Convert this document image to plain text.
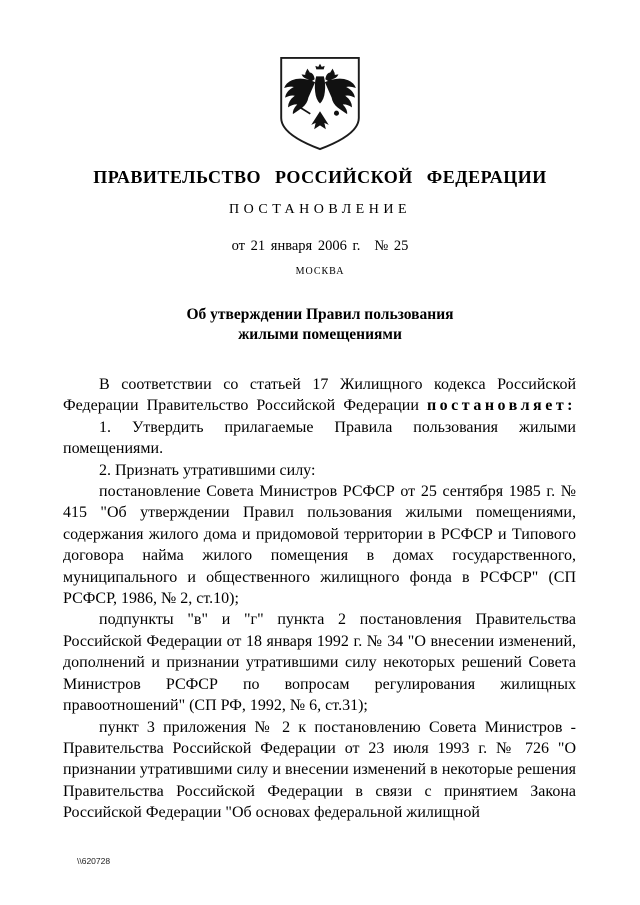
ПРАВИТЕЛЬСТВО РОССИЙСКОЙ ФЕДЕРАЦИИ
ПОСТАНОВЛЕНИЕ
от 21 января 2006 г. № 25
МОСКВА
Об утверждении Правил пользования
жилыми помещениями

В соответствии со статьей 17 Жилищного кодекса Российской Федерации Правительство Российской Федерации постановляет:

1. Утвердить прилагаемые Правила пользования жилыми помещениями.

2. Признать утратившими силу:

постановление Совета Министров РСФСР от 25 сентября 1985 г. № 415 "Об утверждении Правил пользования жилыми помещениями, содержания жилого дома и придомовой территории в РСФСР и Типового договора найма жилого помещения в домах государственного, муниципального и общественного жилищного фонда в РСФСР" (СП РСФСР, 1986, № 2, ст.10);

подпункты "в" и "г" пункта 2 постановления Правительства Российской Федерации от 18 января 1992 г. № 34 "О внесении изменений, дополнений и признании утратившими силу некоторых решений Совета Министров РСФСР по вопросам регулирования жилищных правоотношений" (СП РФ, 1992, № 6, ст.31);

пункт 3 приложения № 2 к постановлению Совета Министров - Правительства Российской Федерации от 23 июля 1993 г. № 726 "О признании утратившими силу и внесении изменений в некоторые решения Правительства Российской Федерации в связи с принятием Закона Российской Федерации "Об основах федеральной жилищной

\\620728
